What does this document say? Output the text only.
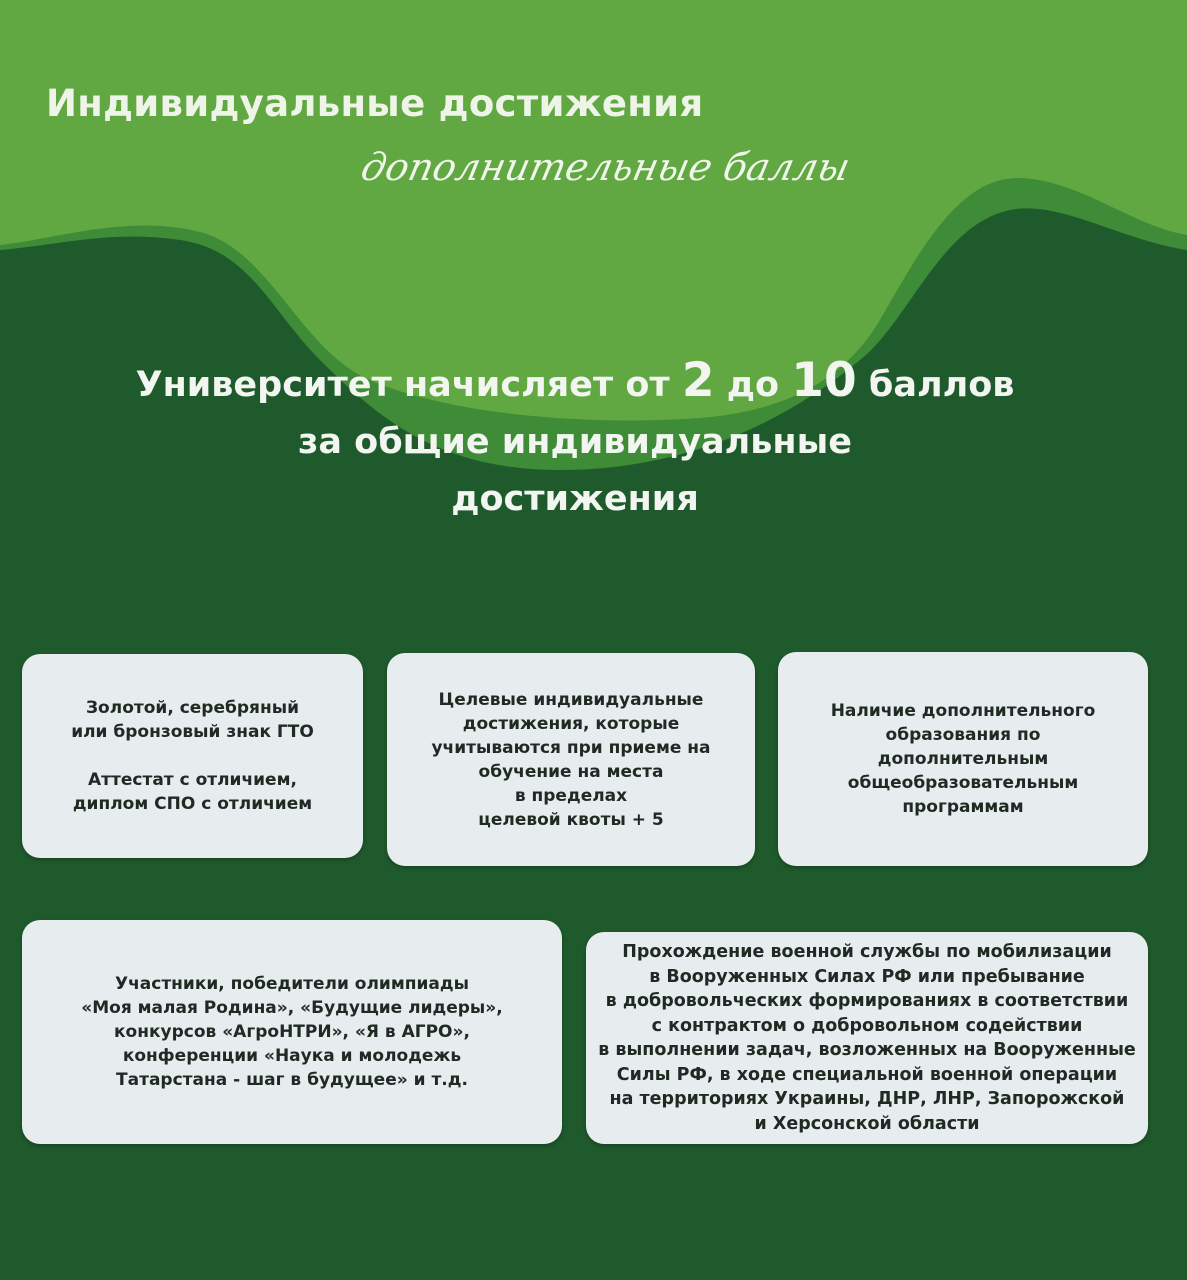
Индивидуальные достижения
дополнительные баллы
Университет начисляет от 2 до 10 баллов
за общие индивидуальные
достижения

Золотой, серебряный
или бронзовый знак ГТО

Аттестат с отличием,
диплом СПО с отличием

Целевые индивидуальные
достижения, которые
учитываются при приеме на
обучение на места
в пределах
целевой квоты + 5

Наличие дополнительного
образования по
дополнительным
общеобразовательным
программам

Участники, победители олимпиады
«Моя малая Родина», «Будущие лидеры»,
конкурсов «АгроНТРИ», «Я в АГРО»,
конференции «Наука и молодежь
Татарстана - шаг в будущее» и т.д.

Прохождение военной службы по мобилизации
в Вооруженных Силах РФ или пребывание
в добровольческих формированиях в соответствии
с контрактом о добровольном содействии
в выполнении задач, возложенных на Вооруженные
Силы РФ, в ходе специальной военной операции
на территориях Украины, ДНР, ЛНР, Запорожской
и Херсонской области
